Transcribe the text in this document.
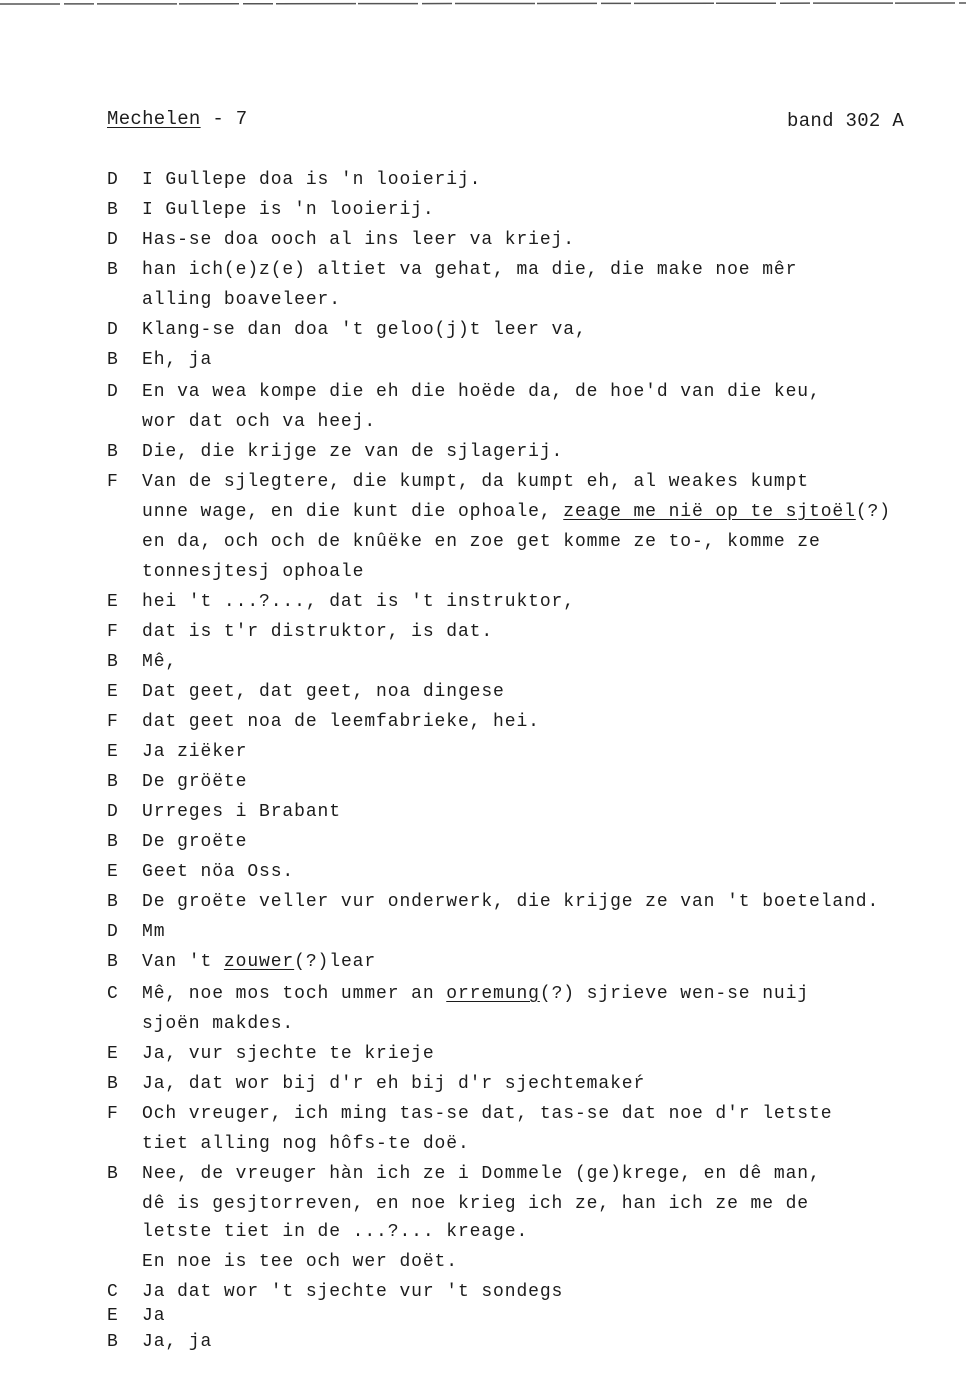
Mechelen - 7	band 302 A
D I Gullepe doa is 'n looierij.
B I Gullepe is 'n looierij.
D Has-se doa ooch al ins leer va kriej.
B han ich(e)z(e) altiet va gehat, ma die, die make noe mêr
alling boaveleer.
D Klang-se dan doa 't geloo(j)t leer va,
B Eh, ja
D En va wea kompe die eh die hoëde da, de hoe'd van die keu,
wor dat och va heej.
B Die, die krijge ze van de sjlagerij.
F Van de sjlegtere, die kumpt, da kumpt eh, al weakes kumpt
unne wage, en die kunt die ophoale, zeage me nië op te sjtoël(?)
en da, och och de knûëke en zoe get komme ze to-, komme ze
tonnesjtesj ophoale
E hei 't ...?..., dat is 't instruktor,
F dat is t'r distruktor, is dat.
B Mê,
E Dat geet, dat geet, noa dingese
F dat geet noa de leemfabrieke, hei.
E Ja ziëker
B De gröëte
D Urreges i Brabant
B De groëte
E Geet nöa Oss.
B De groëte veller vur onderwerk, die krijge ze van 't boeteland.
D Mm
B Van 't zouwer(?)lear
C Mê, noe mos toch ummer an orremung(?) sjrieve wen-se nuij
sjoën makdes.
E Ja, vur sjechte te krieje
B Ja, dat wor bij d'r eh bij d'r sjechtemakeŕ
F Och vreuger, ich ming tas-se dat, tas-se dat noe d'r letste
tiet alling nog hôfs-te doë.
B Nee, de vreuger hàn ich ze i Dommele (ge)krege, en dê man,
dê is gesjtorreven, en noe krieg ich ze, han ich ze me de
letste tiet in de ...?... kreage.
En noe is tee och wer doët.
C Ja dat wor 't sjechte vur 't sondegs
E Ja
B Ja, ja
